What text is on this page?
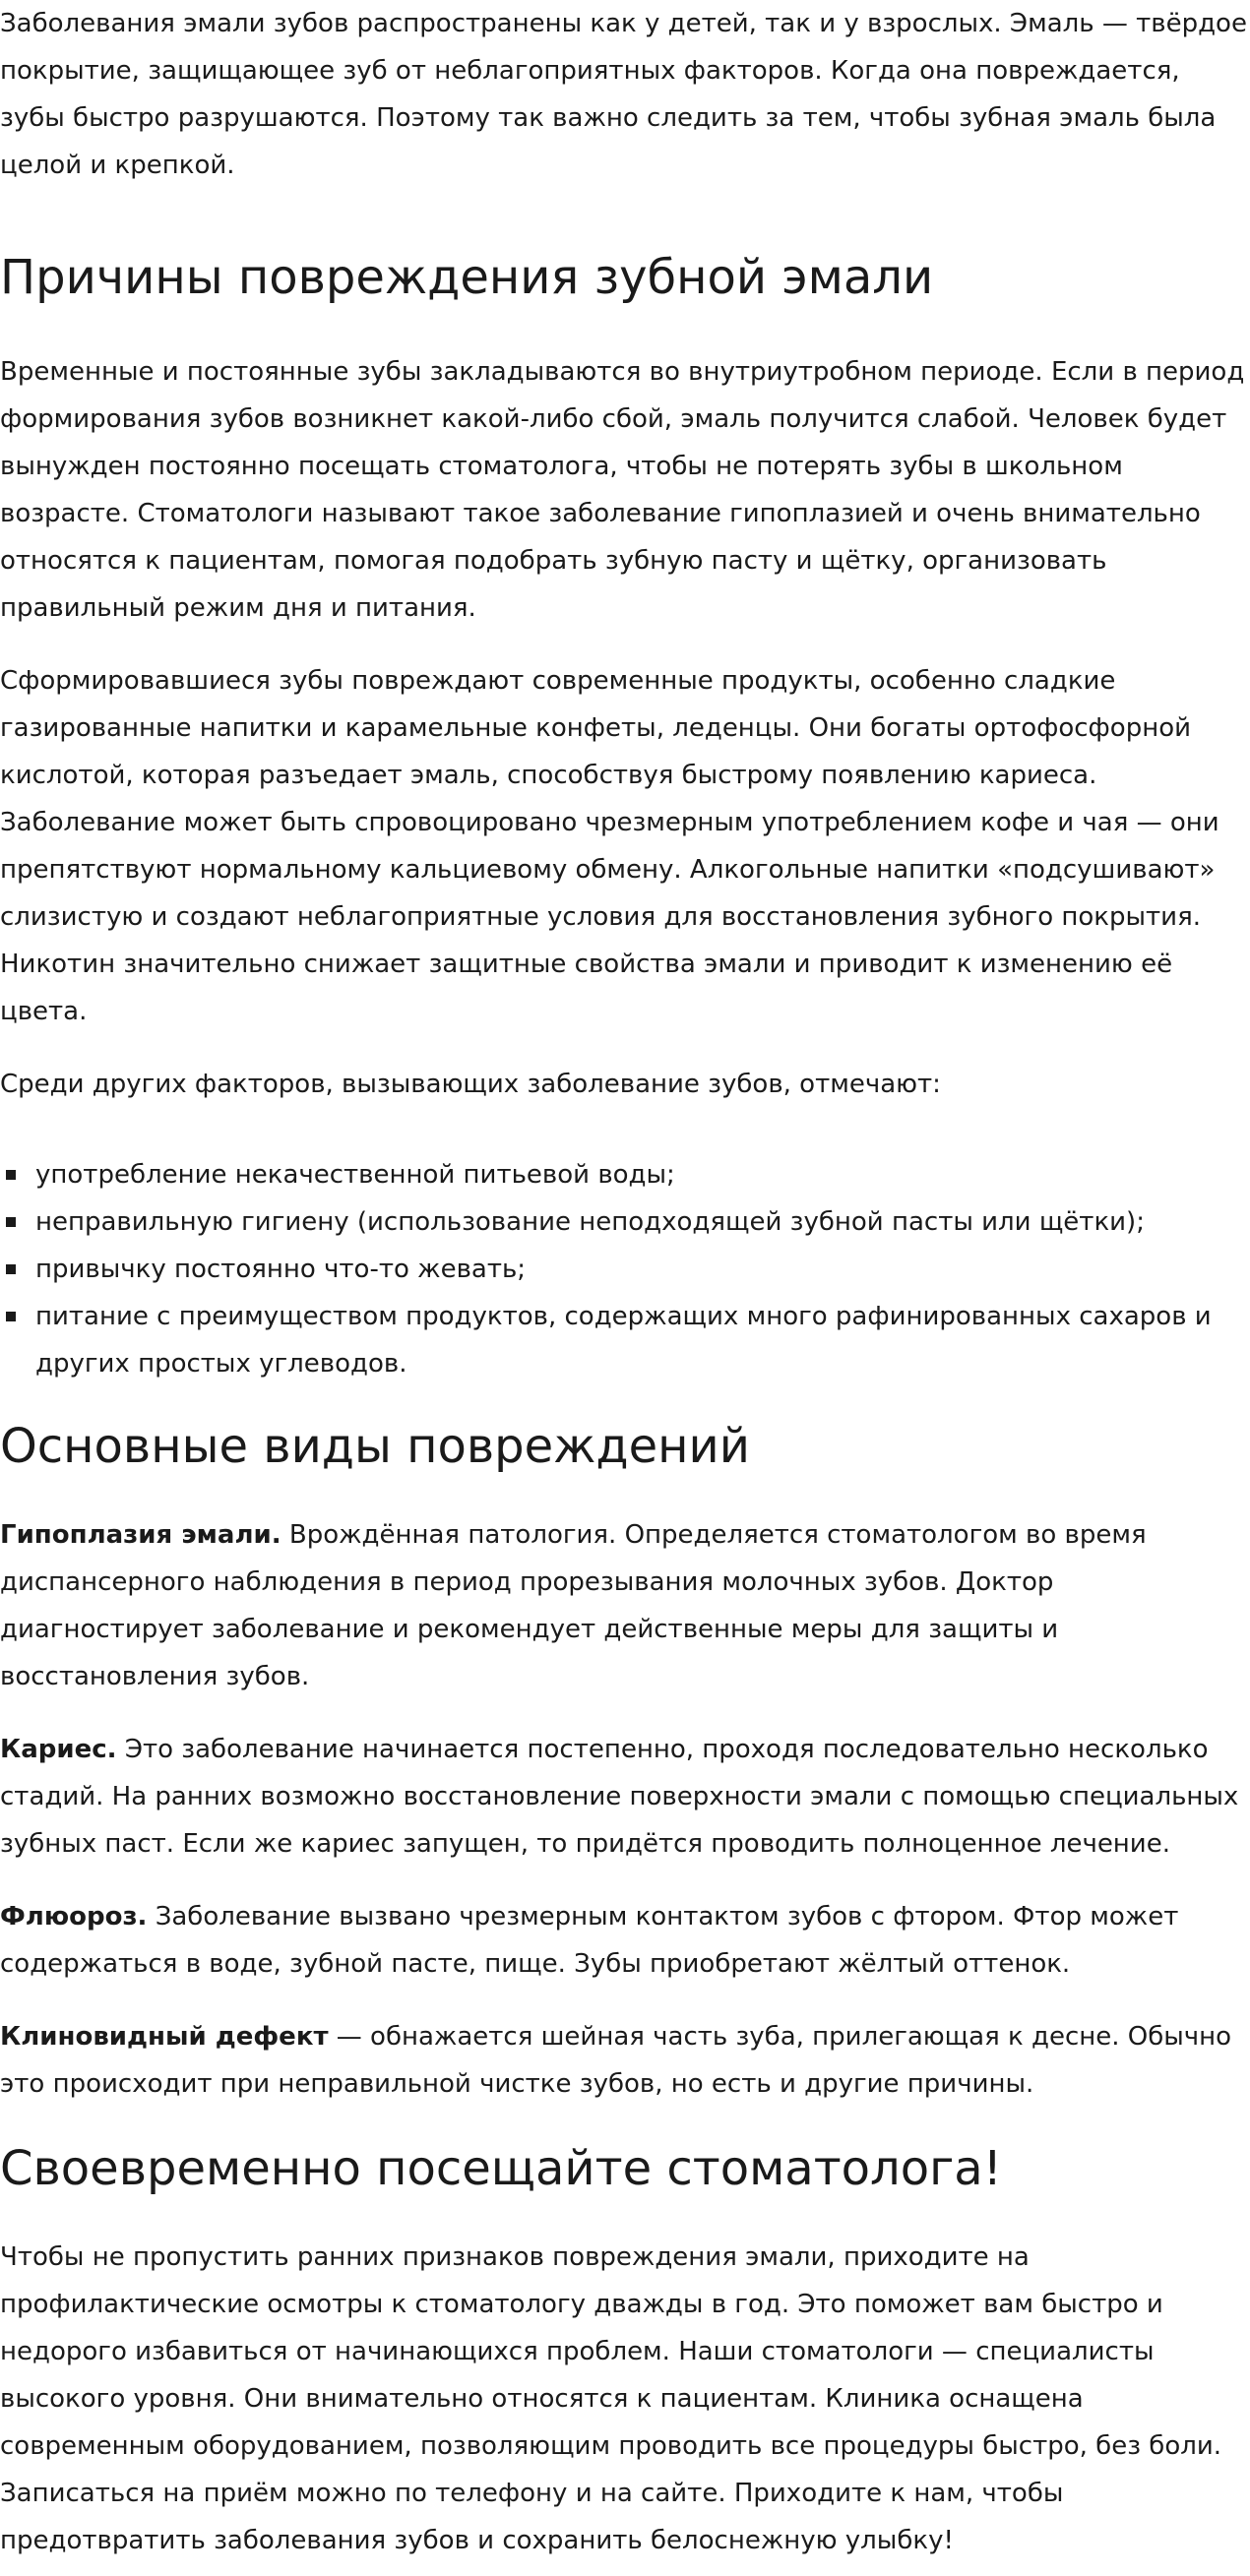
Заболевания эмали зубов распространены как у детей, так и у взрослых. Эмаль — твёрдое покрытие, защищающее зуб от неблагоприятных факторов. Когда она повреждается, зубы быстро разрушаются. Поэтому так важно следить за тем, чтобы зубная эмаль была целой и крепкой.

Причины повреждения зубной эмали

Временные и постоянные зубы закладываются во внутриутробном периоде. Если в период формирования зубов возникнет какой-либо сбой, эмаль получится слабой. Человек будет вынужден постоянно посещать стоматолога, чтобы не потерять зубы в школьном возрасте. Стоматологи называют такое заболевание гипоплазией и очень внимательно относятся к пациентам, помогая подобрать зубную пасту и щётку, организовать правильный режим дня и питания.

Сформировавшиеся зубы повреждают современные продукты, особенно сладкие газированные напитки и карамельные конфеты, леденцы. Они богаты ортофосфорной кислотой, которая разъедает эмаль, способствуя быстрому появлению кариеса. Заболевание может быть спровоцировано чрезмерным употреблением кофе и чая — они препятствуют нормальному кальциевому обмену. Алкогольные напитки «подсушивают» слизистую и создают неблагоприятные условия для восстановления зубного покрытия. Никотин значительно снижает защитные свойства эмали и приводит к изменению её цвета.

Среди других факторов, вызывающих заболевание зубов, отмечают:

употребление некачественной питьевой воды;
неправильную гигиену (использование неподходящей зубной пасты или щётки);
привычку постоянно что-то жевать;
питание с преимуществом продуктов, содержащих много рафинированных сахаров и других простых углеводов.
Основные виды повреждений

Гипоплазия эмали. Врождённая патология. Определяется стоматологом во время диспансерного наблюдения в период прорезывания молочных зубов. Доктор диагностирует заболевание и рекомендует действенные меры для защиты и восстановления зубов.

Кариес. Это заболевание начинается постепенно, проходя последовательно несколько стадий. На ранних возможно восстановление поверхности эмали с помощью специальных зубных паст. Если же кариес запущен, то придётся проводить полноценное лечение.

Флюороз. Заболевание вызвано чрезмерным контактом зубов с фтором. Фтор может содержаться в воде, зубной пасте, пище. Зубы приобретают жёлтый оттенок.

Клиновидный дефект — обнажается шейная часть зуба, прилегающая к десне. Обычно это происходит при неправильной чистке зубов, но есть и другие причины.

Своевременно посещайте стоматолога!

Чтобы не пропустить ранних признаков повреждения эмали, приходите на профилактические осмотры к стоматологу дважды в год. Это поможет вам быстро и недорого избавиться от начинающихся проблем. Наши стоматологи — специалисты высокого уровня. Они внимательно относятся к пациентам. Клиника оснащена современным оборудованием, позволяющим проводить все процедуры быстро, без боли. Записаться на приём можно по телефону и на сайте. Приходите к нам, чтобы предотвратить заболевания зубов и сохранить белоснежную улыбку!
